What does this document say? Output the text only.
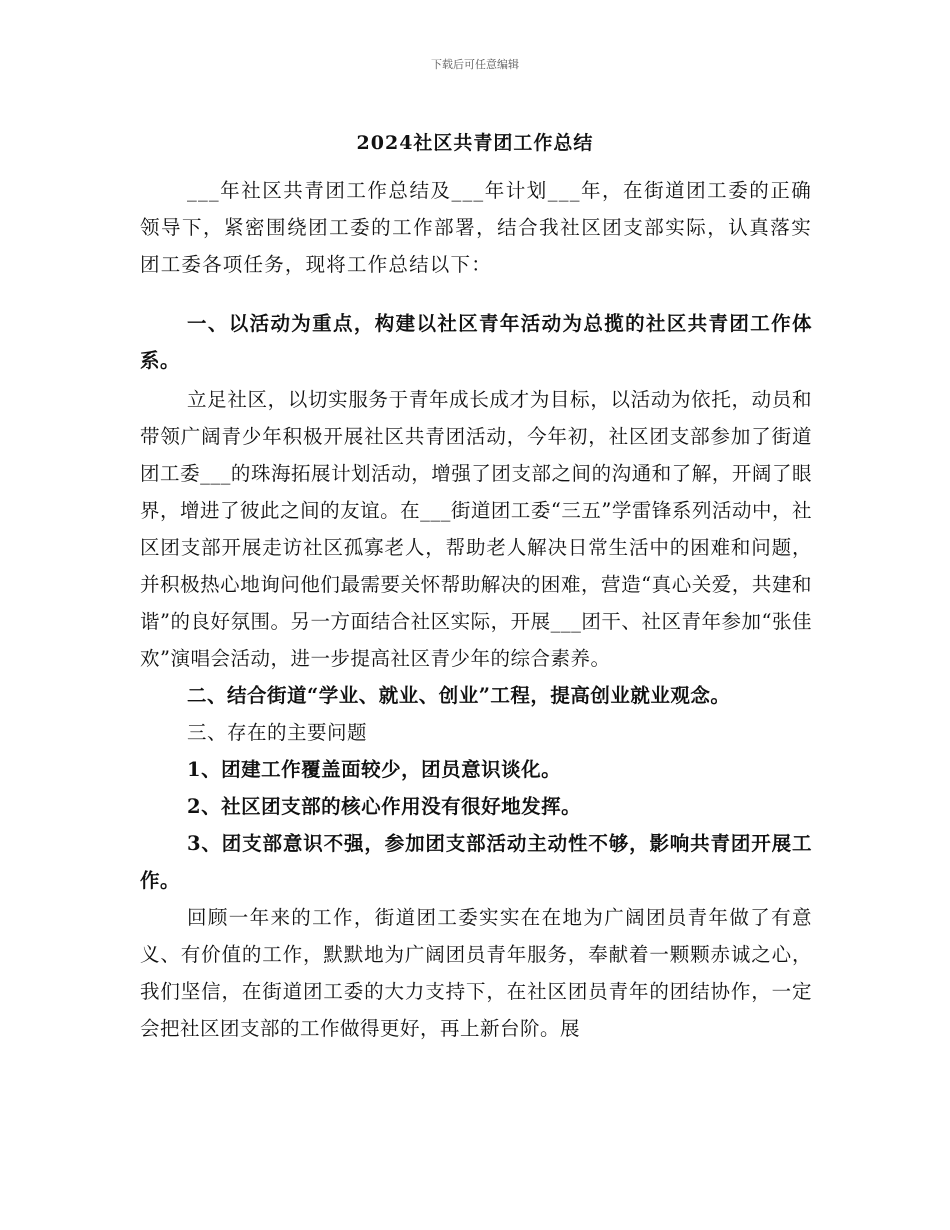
下载后可任意编辑
2024社区共青团工作总结

___年社区共青团工作总结及___年计划___年，在街道团工委的正确领导下，紧密围绕团工委的工作部署，结合我社区团支部实际，认真落实团工委各项任务，现将工作总结以下：

一、以活动为重点，构建以社区青年活动为总揽的社区共青团工作体系。

立足社区，以切实服务于青年成长成才为目标，以活动为依托，动员和带领广阔青少年积极开展社区共青团活动，今年初，社区团支部参加了街道团工委___的珠海拓展计划活动，增强了团支部之间的沟通和了解，开阔了眼界，增进了彼此之间的友谊。在___街道团工委“三五”学雷锋系列活动中，社区团支部开展走访社区孤寡老人，帮助老人解决日常生活中的困难和问题，并积极热心地询问他们最需要关怀帮助解决的困难，营造“真心关爱，共建和谐”的良好氛围。另一方面结合社区实际，开展___团干、社区青年参加“张佳欢”演唱会活动，进一步提高社区青少年的综合素养。

二、结合街道“学业、就业、创业”工程，提高创业就业观念。

三、存在的主要问题

1、团建工作覆盖面较少，团员意识谈化。

2、社区团支部的核心作用没有很好地发挥。

3、团支部意识不强，参加团支部活动主动性不够，影响共青团开展工作。

回顾一年来的工作，街道团工委实实在在地为广阔团员青年做了有意义、有价值的工作，默默地为广阔团员青年服务，奉献着一颗颗赤诚之心，我们坚信，在街道团工委的大力支持下，在社区团员青年的团结协作，一定会把社区团支部的工作做得更好，再上新台阶。展
